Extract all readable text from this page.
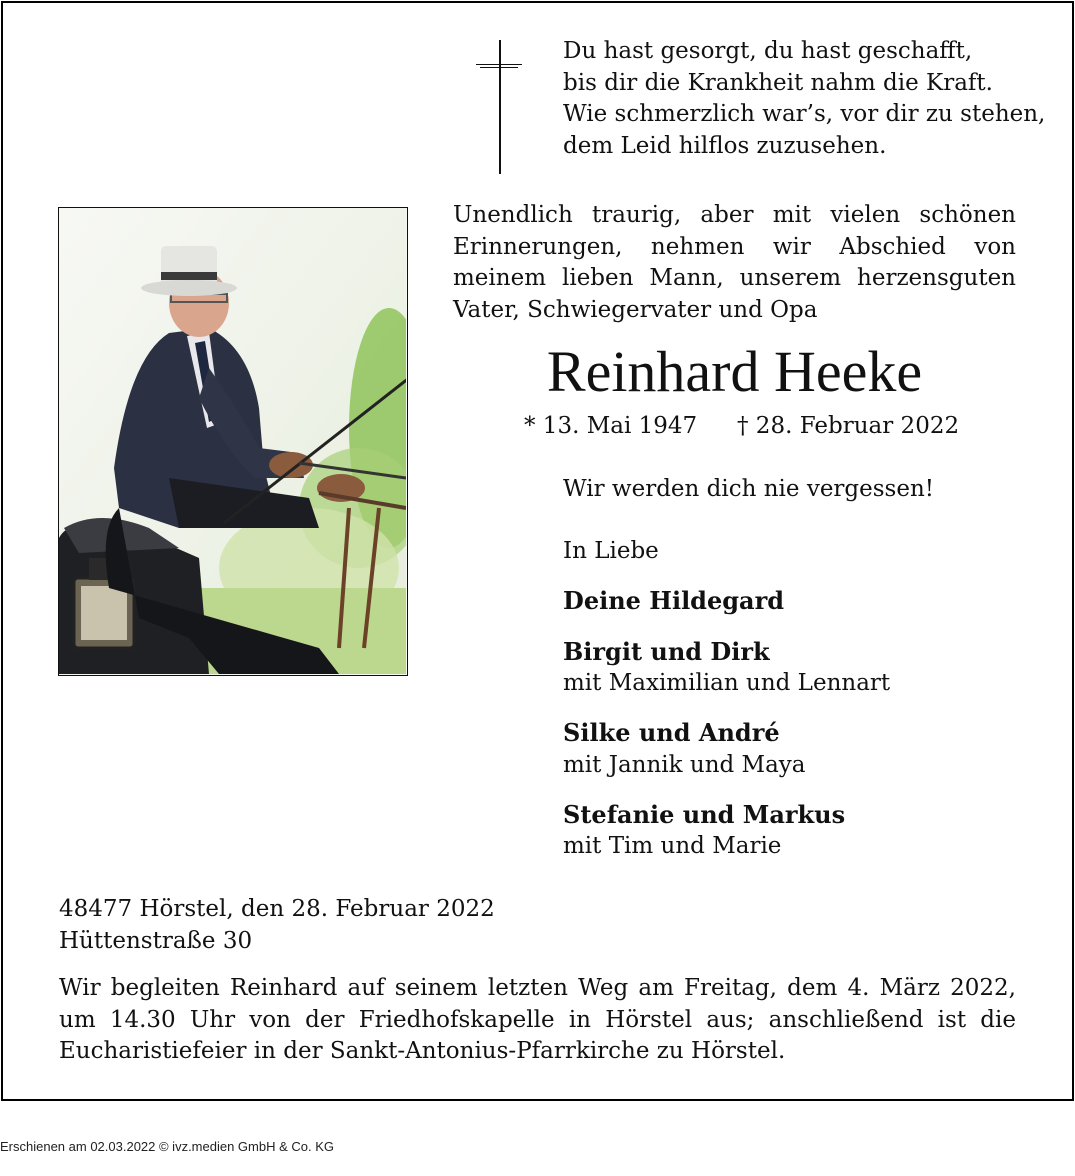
Du hast gesorgt, du hast geschafft,
bis dir die Krankheit nahm die Kraft.
Wie schmerzlich war’s, vor dir zu stehen,
dem Leid hilflos zuzusehen.
Unendlich traurig, aber mit vielen schönen Erinnerungen, nehmen wir Abschied von meinem lieben Mann, unserem herzensguten Vater, Schwiegervater und Opa
Reinhard Heeke
* 13. Mai 1947 † 28. Februar 2022
Wir werden dich nie vergessen!
In Liebe
Deine Hildegard
Birgit und Dirk
mit Maximilian und Lennart
Silke und André
mit Jannik und Maya
Stefanie und Markus
mit Tim und Marie
48477 Hörstel, den 28. Februar 2022
Hüttenstraße 30
Wir begleiten Reinhard auf seinem letzten Weg am Freitag, dem 4. März 2022, um 14.30 Uhr von der Friedhofskapelle in Hörstel aus; anschließend ist die Eucharistiefeier in der Sankt-Antonius-Pfarrkirche zu Hörstel.
Erschienen am 02.03.2022 © ivz.medien GmbH & Co. KG
